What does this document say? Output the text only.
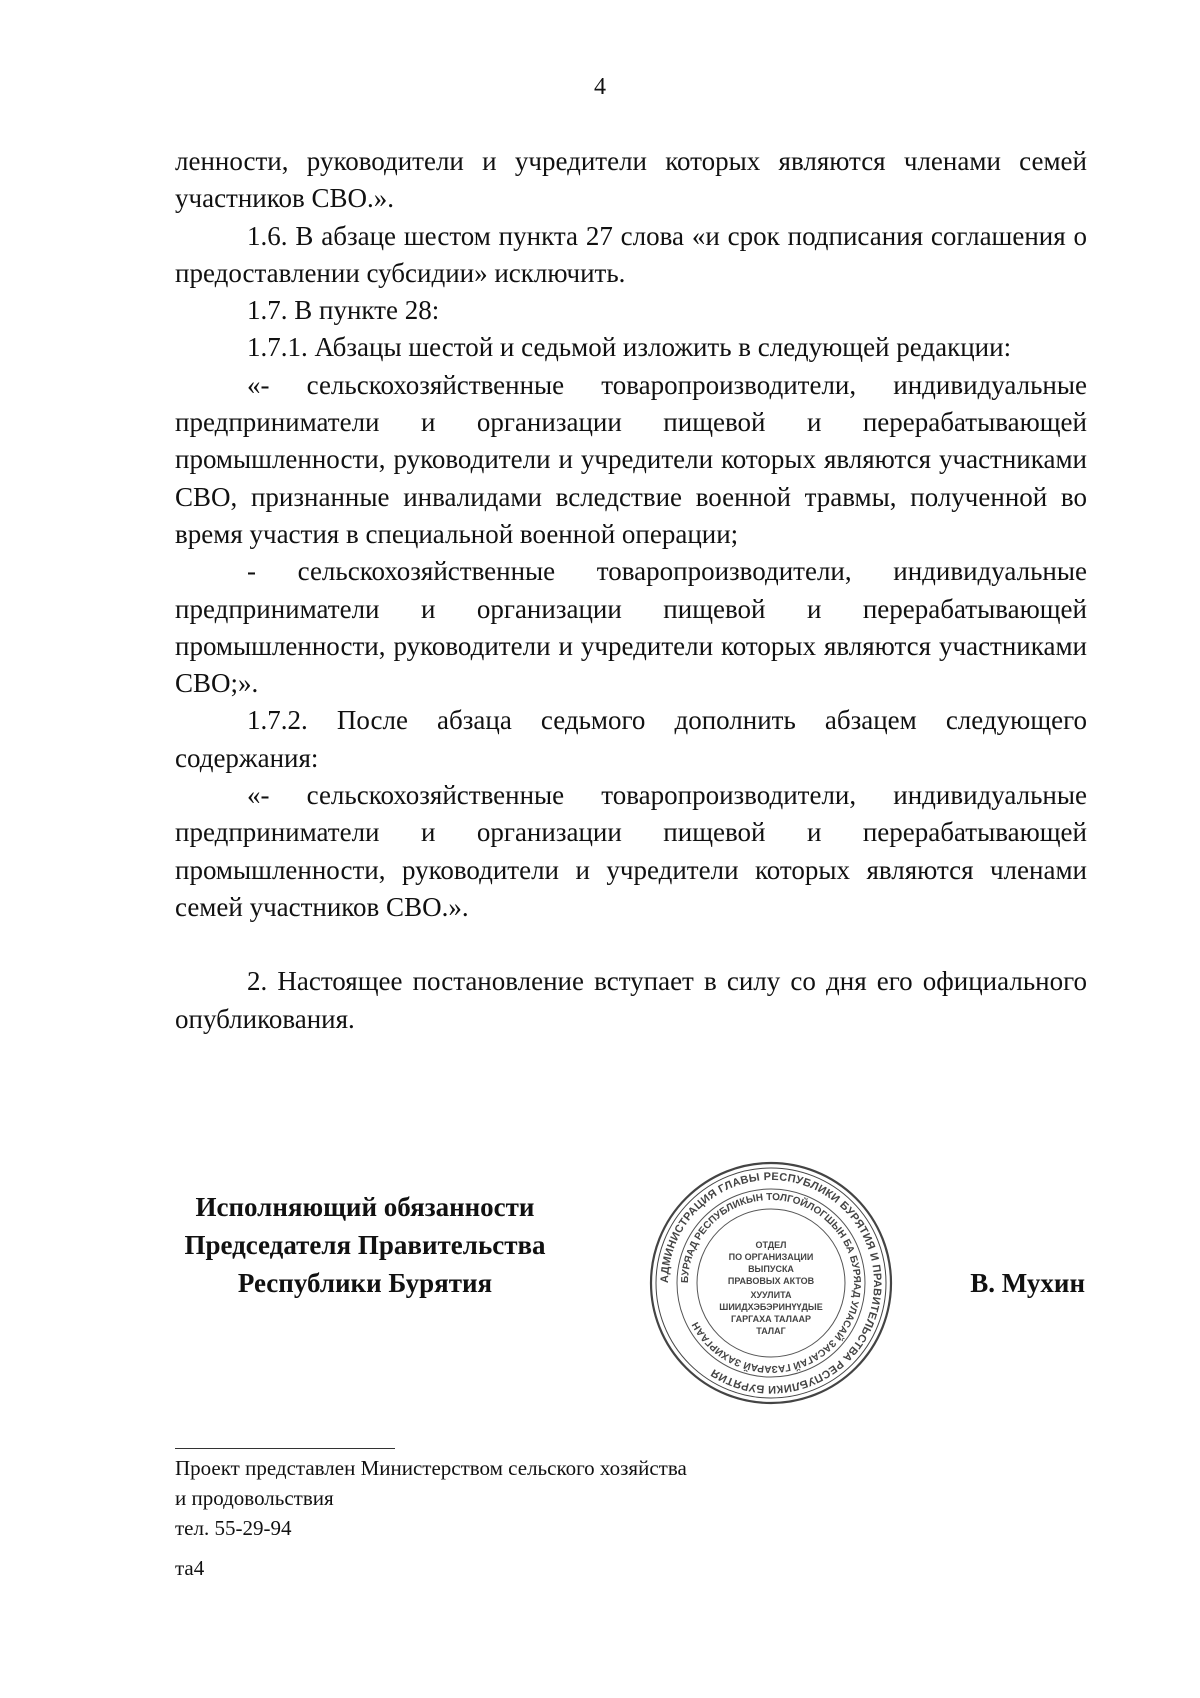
4

ленности, руководители и учредители которых являются членами семей участников СВО.».

1.6. В абзаце шестом пункта 27 слова «и срок подписания соглашения о предоставлении субсидии» исключить.

1.7. В пункте 28:

1.7.1. Абзацы шестой и седьмой изложить в следующей редакции:

«- сельскохозяйственные товаропроизводители, индивидуальные предприниматели и организации пищевой и перерабатывающей промышленности, руководители и учредители которых являются участниками СВО, признанные инвалидами вследствие военной травмы, полученной во время участия в специальной военной операции;

- сельскохозяйственные товаропроизводители, индивидуальные предприниматели и организации пищевой и перерабатывающей промышленности, руководители и учредители которых являются участниками СВО;».

1.7.2. После абзаца седьмого дополнить абзацем следующего содержания:

«- сельскохозяйственные товаропроизводители, индивидуальные предприниматели и организации пищевой и перерабатывающей промышленности, руководители и учредители которых являются членами семей участников СВО.».

2. Настоящее постановление вступает в силу со дня его официального опубликования.

Исполняющий обязанности
Председателя Правительства
Республики Бурятия	АДМИНИСТРАЦИЯ ГЛАВЫ РЕСПУБЛИКИ БУРЯТИЯ И ПРАВИТЕЛЬСТВА РЕСПУБЛИКИ БУРЯТИЯ
БУРЯАД РЕСПУБЛИКЫН ТОЛГОЙЛОГШЫН БА БУРЯАД УЛАСАЙ ЗАСАГАЙ ГАЗАРАЙ ЗАХИРГААН
ОТДЕЛ
ПО ОРГАНИЗАЦИИ
ВЫПУСКА
ПРАВОВЫХ АКТОВ
ХУУЛИТА
ШИИДХЭБЭРИНҮҮДЫЕ
ГАРГАХА ТАЛААР
ТАЛАГ
В. Мухин
Проект представлен Министерством сельского хозяйства
и продовольствия
тел. 55-29-94
та4
